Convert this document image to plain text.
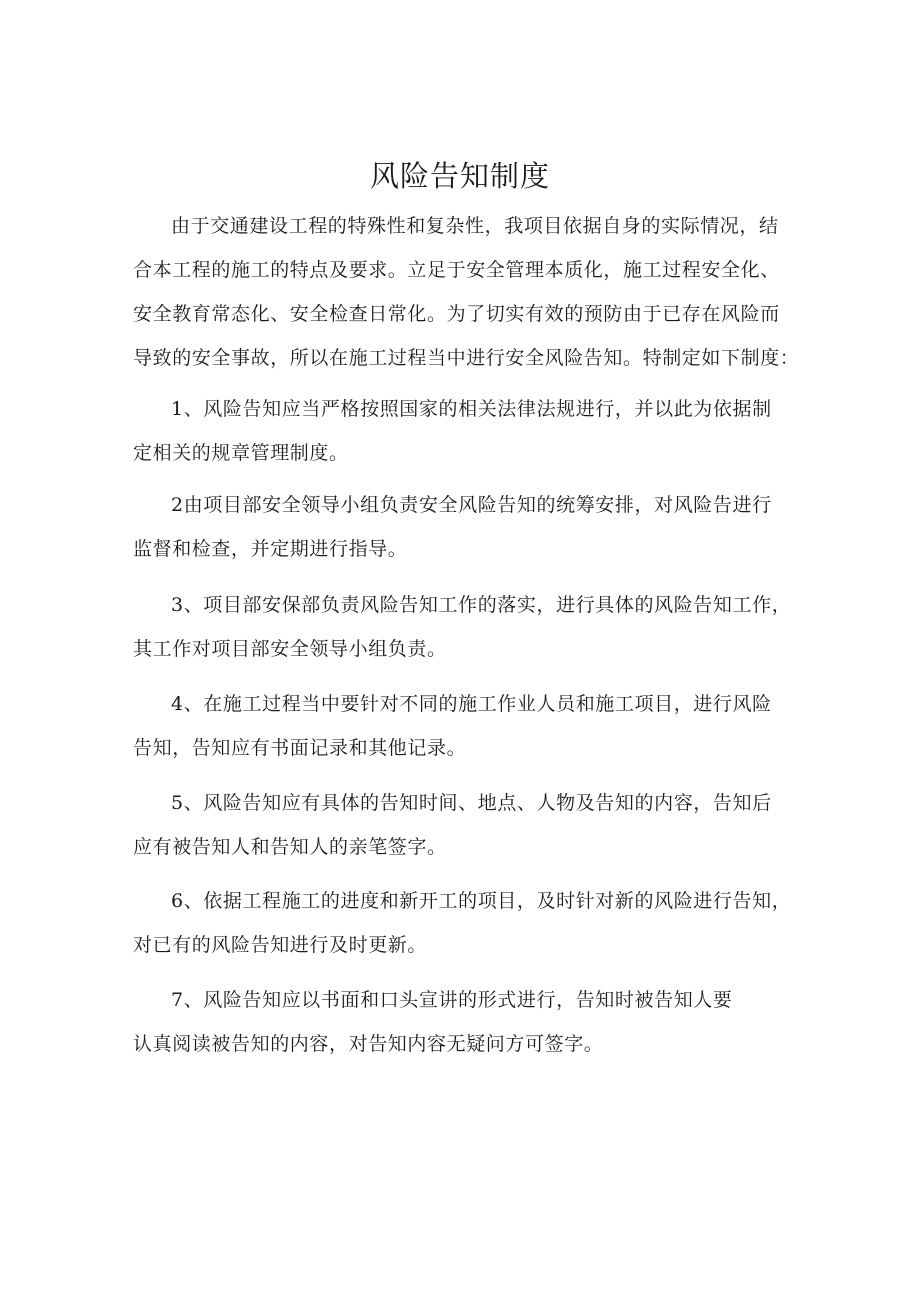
风险告知制度
由于交通建设工程的特殊性和复杂性，我项目依据自身的实际情况，结
合本工程的施工的特点及要求。立足于安全管理本质化，施工过程安全化、
安全教育常态化、安全检查日常化。为了切实有效的预防由于已存在风险而
导致的安全事故，所以在施工过程当中进行安全风险告知。特制定如下制度：
1、风险告知应当严格按照国家的相关法律法规进行，并以此为依据制
定相关的规章管理制度。
2由项目部安全领导小组负责安全风险告知的统筹安排，对风险告进行
监督和检查，并定期进行指导。
3、项目部安保部负责风险告知工作的落实，进行具体的风险告知工作，
其工作对项目部安全领导小组负责。
4、在施工过程当中要针对不同的施工作业人员和施工项目，进行风险
告知，告知应有书面记录和其他记录。
5、风险告知应有具体的告知时间、地点、人物及告知的内容，告知后
应有被告知人和告知人的亲笔签字。
6、依据工程施工的进度和新开工的项目，及时针对新的风险进行告知，
对已有的风险告知进行及时更新。
7、风险告知应以书面和口头宣讲的形式进行，告知时被告知人要
认真阅读被告知的内容，对告知内容无疑问方可签字。
